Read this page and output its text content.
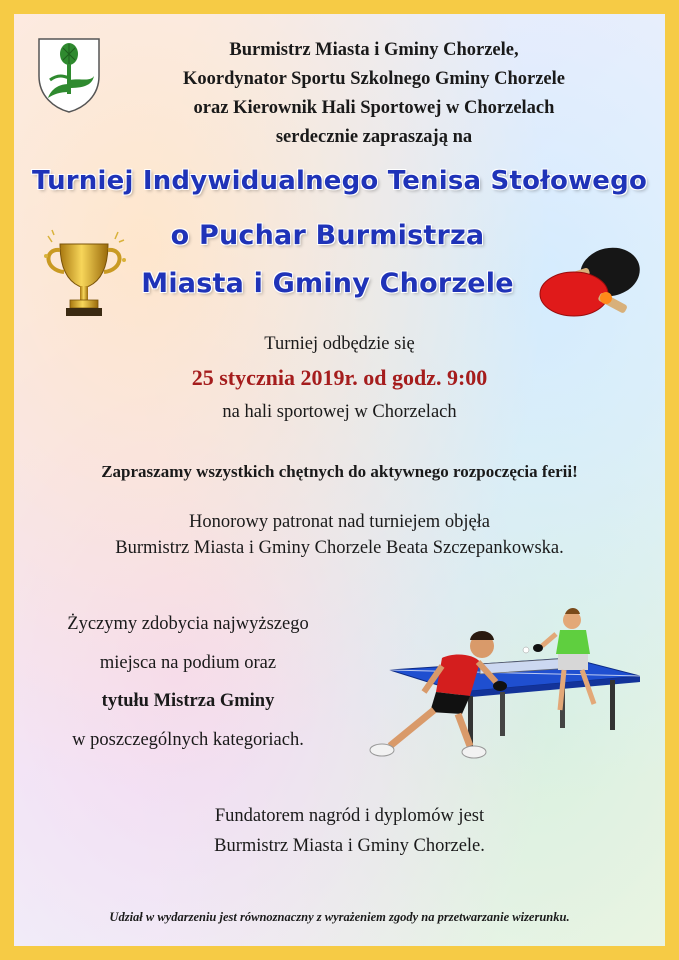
Burmistrz Miasta i Gminy Chorzele,
Koordynator Sportu Szkolnego Gminy Chorzele
oraz Kierownik Hali Sportowej w Chorzelach
serdecznie zapraszają na
Turniej Indywidualnego Tenisa Stołowego
o Puchar Burmistrza
Miasta i Gminy Chorzele
Turniej odbędzie się
25 stycznia 2019r. od godz. 9:00
na hali sportowej w Chorzelach
Zapraszamy wszystkich chętnych do aktywnego rozpoczęcia ferii!
Honorowy patronat nad turniejem objęła
Burmistrz Miasta i Gminy Chorzele Beata Szczepankowska.
Życzymy zdobycia najwyższego
miejsca na podium oraz
tytułu Mistrza Gminy
w poszczególnych kategoriach.
Fundatorem nagród i dyplomów jest
Burmistrz Miasta i Gminy Chorzele.
Udział w wydarzeniu jest równoznaczny z wyrażeniem zgody na przetwarzanie wizerunku.
